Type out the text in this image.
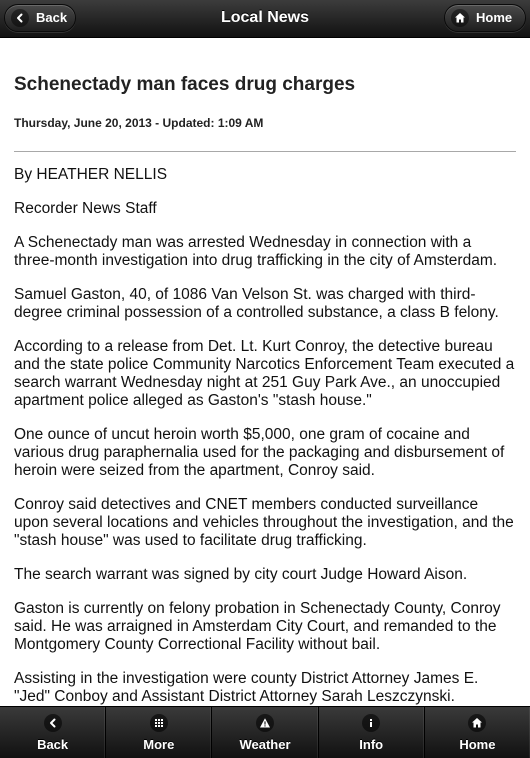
Local News
Back	Home
Schenectady man faces drug charges
Thursday, June 20, 2013 - Updated: 1:09 AM

By HEATHER NELLIS

Recorder News Staff

A Schenectady man was arrested Wednesday in connection with a three-month investigation into drug trafficking in the city of Amsterdam.

Samuel Gaston, 40, of 1086 Van Velson St. was charged with third-degree criminal possession of a controlled substance, a class B felony.

According to a release from Det. Lt. Kurt Conroy, the detective bureau and the state police Community Narcotics Enforcement Team executed a search warrant Wednesday night at 251 Guy Park Ave., an unoccupied apartment police alleged as Gaston's "stash house."

One ounce of uncut heroin worth $5,000, one gram of cocaine and various drug paraphernalia used for the packaging and disbursement of heroin were seized from the apartment, Conroy said.

Conroy said detectives and CNET members conducted surveillance upon several locations and vehicles throughout the investigation, and the "stash house" was used to facilitate drug trafficking.

The search warrant was signed by city court Judge Howard Aison.

Gaston is currently on felony probation in Schenectady County, Conroy said. He was arraigned in Amsterdam City Court, and remanded to the Montgomery County Correctional Facility without bail.

Assisting in the investigation were county District Attorney James E. "Jed" Conboy and Assistant District Attorney Sarah Leszczynski.

Back	More	Weather	Info	Home
